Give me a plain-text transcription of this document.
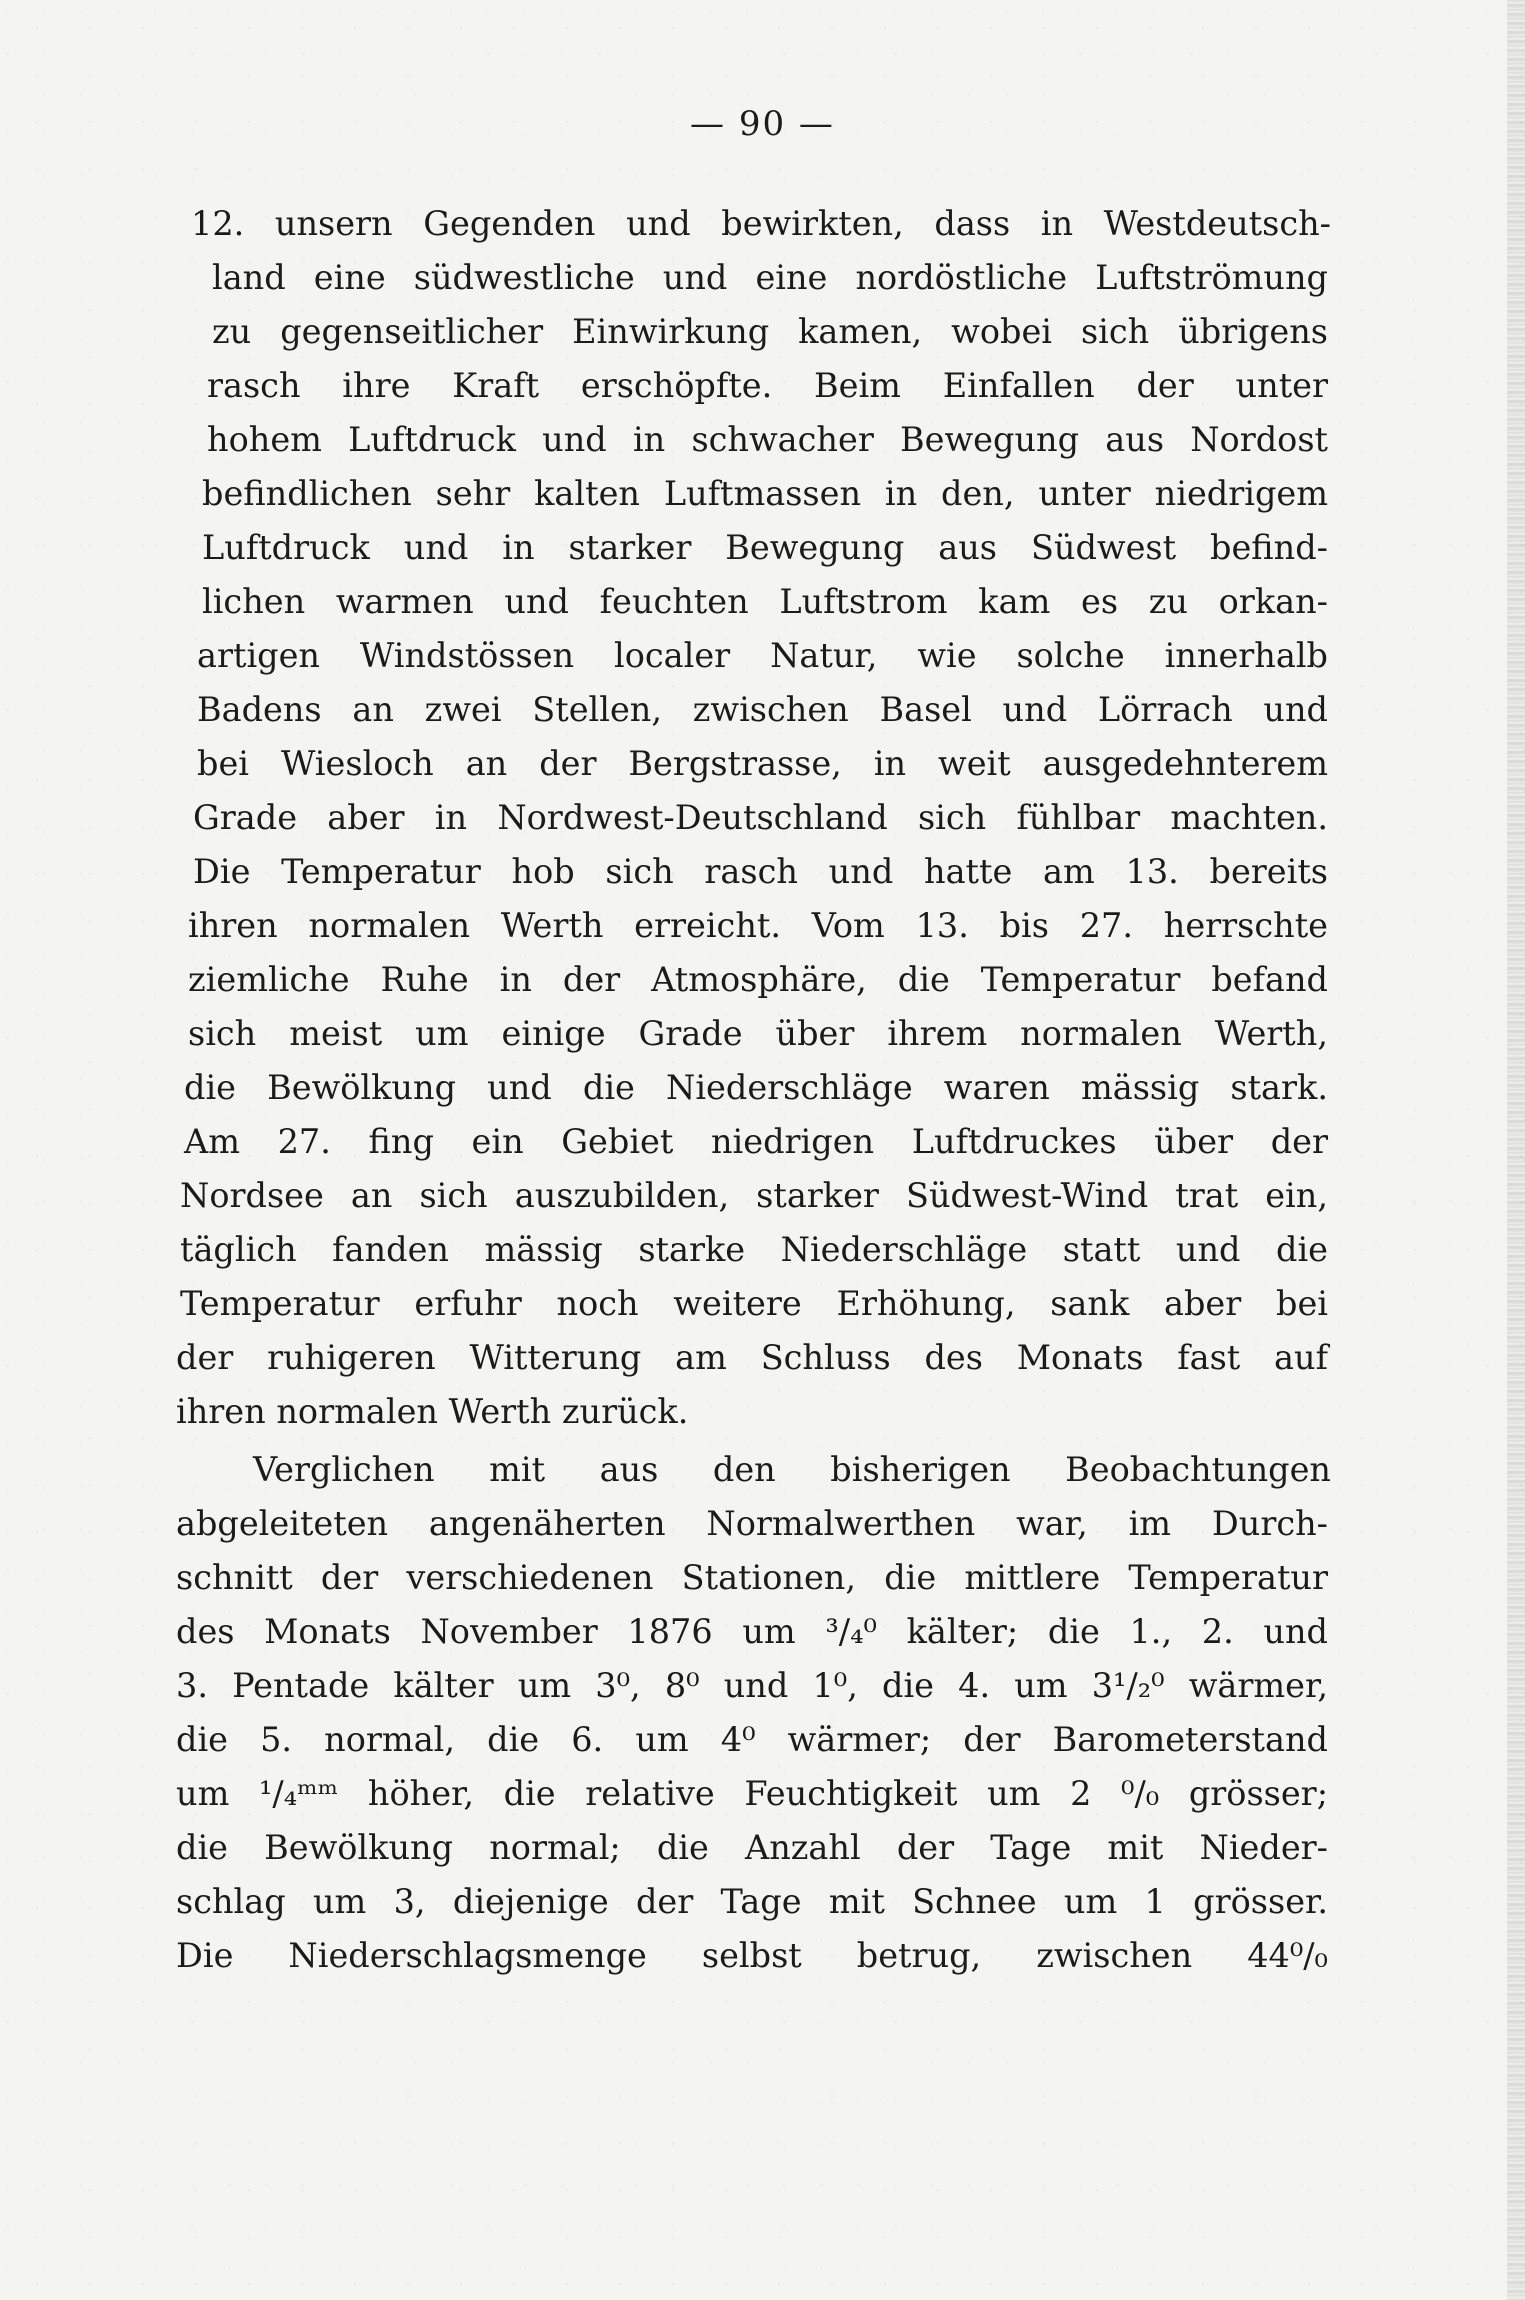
— 90 —
12. unsern Gegenden und bewirkten, dass in Westdeutsch-
land eine südwestliche und eine nordöstliche Luftströmung
zu gegenseitlicher Einwirkung kamen, wobei sich übrigens
rasch ihre Kraft erschöpfte. Beim Einfallen der unter
hohem Luftdruck und in schwacher Bewegung aus Nordost
befindlichen sehr kalten Luftmassen in den, unter niedrigem
Luftdruck und in starker Bewegung aus Südwest befind-
lichen warmen und feuchten Luftstrom kam es zu orkan-
artigen Windstössen localer Natur, wie solche innerhalb
Badens an zwei Stellen, zwischen Basel und Lörrach und
bei Wiesloch an der Bergstrasse, in weit ausgedehnterem
Grade aber in Nordwest-Deutschland sich fühlbar machten.
Die Temperatur hob sich rasch und hatte am 13. bereits
ihren normalen Werth erreicht. Vom 13. bis 27. herrschte
ziemliche Ruhe in der Atmosphäre, die Temperatur befand
sich meist um einige Grade über ihrem normalen Werth,
die Bewölkung und die Niederschläge waren mässig stark.
Am 27. fing ein Gebiet niedrigen Luftdruckes über der
Nordsee an sich auszubilden, starker Südwest-Wind trat ein,
täglich fanden mässig starke Niederschläge statt und die
Temperatur erfuhr noch weitere Erhöhung, sank aber bei
der ruhigeren Witterung am Schluss des Monats fast auf
ihren normalen Werth zurück.
Verglichen mit aus den bisherigen Beobachtungen
abgeleiteten angenäherten Normalwerthen war, im Durch-
schnitt der verschiedenen Stationen, die mittlere Temperatur
des Monats November 1876 um ³/₄⁰ kälter; die 1., 2. und
3. Pentade kälter um 3⁰, 8⁰ und 1⁰, die 4. um 3¹/₂⁰ wärmer,
die 5. normal, die 6. um 4⁰ wärmer; der Barometerstand
um ¹/₄ᵐᵐ höher, die relative Feuchtigkeit um 2 ⁰/₀ grösser;
die Bewölkung normal; die Anzahl der Tage mit Nieder-
schlag um 3, diejenige der Tage mit Schnee um 1 grösser.
Die Niederschlagsmenge selbst betrug, zwischen 44⁰/₀
